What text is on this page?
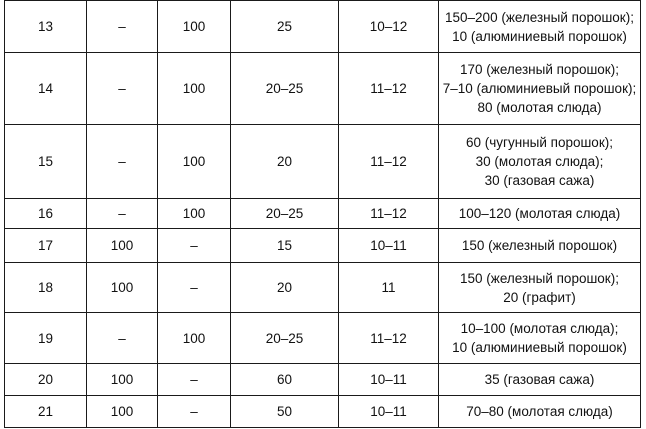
13	–	100	25	10–12	150–200 (железный порошок);
10 (алюминиевый порошок)

14	–	100	20–25	11–12	170 (железный порошок);
7–10 (алюминиевый порошок);
80 (молотая слюда)

15	–	100	20	11–12	60 (чугунный порошок);
30 (молотая слюда);
30 (газовая сажа)

16	–	100	20–25	11–12	100–120 (молотая слюда)

17	100	–	15	10–11	150 (железный порошок)

18	100	–	20	11	150 (железный порошок);
20 (графит)

19	–	100	20–25	11–12	10–100 (молотая слюда);
10 (алюминиевый порошок)

20	100	–	60	10–11	35 (газовая сажа)

21	100	–	50	10–11	70–80 (молотая слюда)
